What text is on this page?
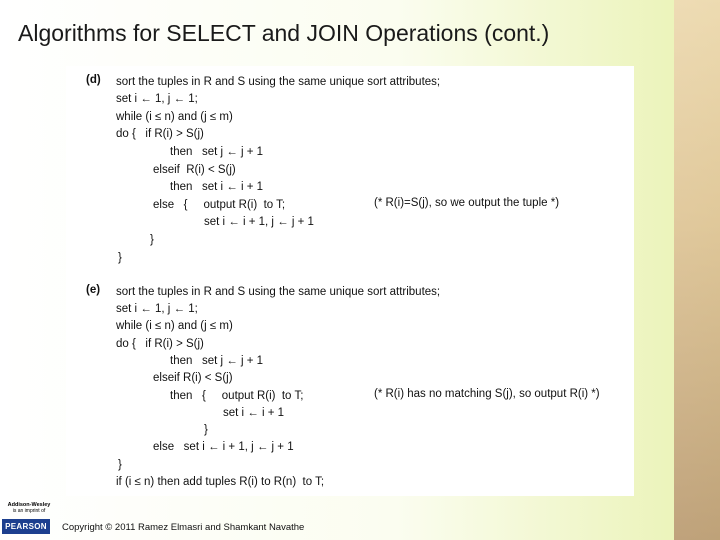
Algorithms for SELECT and JOIN Operations (cont.)
(d) sort the tuples in R and S using the same unique sort attributes;
set i ← 1, j ← 1;
while (i ≤ n) and (j ≤ m)
do {   if R(i) > S(j)
then   set j ← j + 1
elseif  R(i) < S(j)
then   set i ← i + 1
else   {     output R(i)  to T;
set i ← i + 1, j ← j + 1
}
}
(* R(i)=S(j), so we output the tuple *)
(e) sort the tuples in R and S using the same unique sort attributes;
set i ← 1, j ← 1;
while (i ≤ n) and (j ≤ m)
do {   if R(i) > S(j)
then   set j ← j + 1
elseif R(i) < S(j)
then   {     output R(i)  to T;
set i ← i + 1
}
else   set i ← i + 1, j ← j + 1
}
if (i ≤ n) then add tuples R(i) to R(n)  to T;
(* R(i) has no matching S(j), so output R(i) *)
Addison-Wesley
is an imprint of
PEARSON	Copyright © 2011 Ramez Elmasri and Shamkant Navathe
